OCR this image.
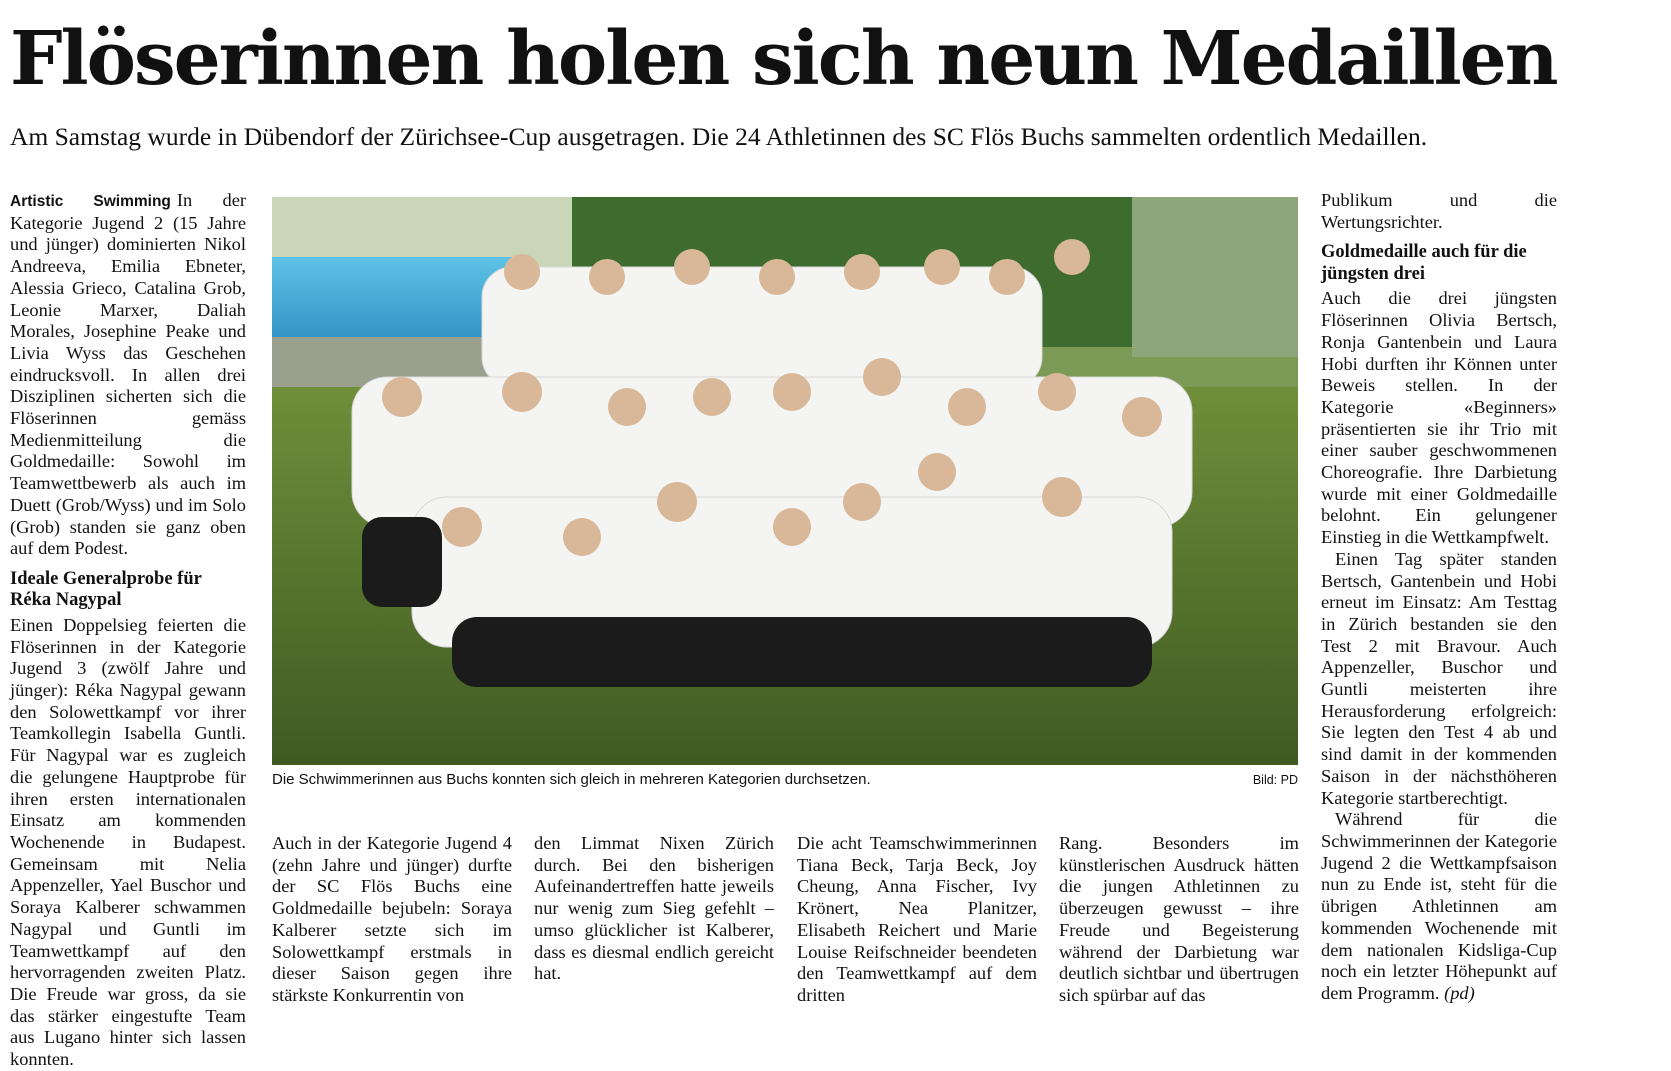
Flöserinnen holen sich neun Medaillen

Am Samstag wurde in Dübendorf der Zürichsee-Cup ausgetragen. Die 24 Athletinnen des SC Flös Buchs sammelten ordentlich Medaillen.

Artistic Swimming In der Kategorie Jugend 2 (15 Jahre und jünger) dominierten Nikol Andreeva, Emilia Ebneter, Alessia Grieco, Catalina Grob, Leonie Marxer, Daliah Morales, Josephine Peake und Livia Wyss das Geschehen eindrucksvoll. In allen drei Disziplinen sicherten sich die Flöserinnen gemäss Medienmitteilung die Goldmedaille: Sowohl im Teamwettbewerb als auch im Duett (Grob/Wyss) und im Solo (Grob) standen sie ganz oben auf dem Podest.

Ideale Generalprobe für Réka Nagypal

Einen Doppelsieg feierten die Flöserinnen in der Kategorie Jugend 3 (zwölf Jahre und jünger): Réka Nagypal gewann den Solowettkampf vor ihrer Teamkollegin Isabella Guntli. Für Nagypal war es zugleich die gelungene Hauptprobe für ihren ersten internationalen Einsatz am kommenden Wochenende in Budapest. Gemeinsam mit Nelia Appenzeller, Yael Buschor und Soraya Kalberer schwammen Nagypal und Guntli im Teamwettkampf auf den hervorragenden zweiten Platz. Die Freude war gross, da sie das stärker eingestufte Team aus Lugano hinter sich lassen konnten.

Die Schwimmerinnen aus Buchs konnten sich gleich in mehreren Kategorien durchsetzen.	Bild: PD

Auch in der Kategorie Jugend 4 (zehn Jahre und jünger) durfte der SC Flös Buchs eine Goldmedaille bejubeln: Soraya Kalberer setzte sich im Solowettkampf erstmals in dieser Saison gegen ihre stärkste Konkurrentin von

den Limmat Nixen Zürich durch. Bei den bisherigen Aufeinandertreffen hatte jeweils nur wenig zum Sieg gefehlt – umso glücklicher ist Kalberer, dass es diesmal endlich gereicht hat.

Die acht Teamschwimmerinnen Tiana Beck, Tarja Beck, Joy Cheung, Anna Fischer, Ivy Krönert, Nea Planitzer, Elisabeth Reichert und Marie Louise Reifschneider beendeten den Teamwettkampf auf dem dritten

Rang. Besonders im künstlerischen Ausdruck hätten die jungen Athletinnen zu überzeugen gewusst – ihre Freude und Begeisterung während der Darbietung war deutlich sichtbar und übertrugen sich spürbar auf das

Publikum und die Wertungsrichter.

Goldmedaille auch für die jüngsten drei

Auch die drei jüngsten Flöserinnen Olivia Bertsch, Ronja Gantenbein und Laura Hobi durften ihr Können unter Beweis stellen. In der Kategorie «Beginners» präsentierten sie ihr Trio mit einer sauber geschwommenen Choreografie. Ihre Darbietung wurde mit einer Goldmedaille belohnt. Ein gelungener Einstieg in die Wettkampfwelt.

Einen Tag später standen Bertsch, Gantenbein und Hobi erneut im Einsatz: Am Testtag in Zürich bestanden sie den Test 2 mit Bravour. Auch Appenzeller, Buschor und Guntli meisterten ihre Herausforderung erfolgreich: Sie legten den Test 4 ab und sind damit in der kommenden Saison in der nächsthöheren Kategorie startberechtigt.

Während für die Schwimmerinnen der Kategorie Jugend 2 die Wettkampfsaison nun zu Ende ist, steht für die übrigen Athletinnen am kommenden Wochenende mit dem nationalen Kidsliga-Cup noch ein letzter Höhepunkt auf dem Programm. (pd)
